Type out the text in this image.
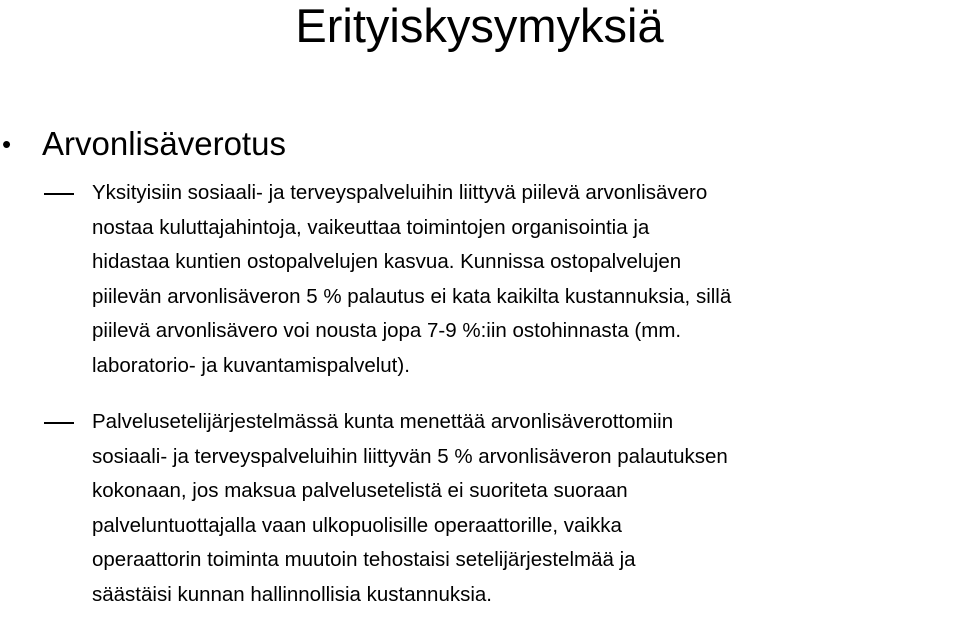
Erityiskysymyksiä
• Arvonlisäverotus
Yksityisiin sosiaali- ja terveyspalveluihin liittyvä piilevä arvonlisävero
nostaa kuluttajahintoja, vaikeuttaa toimintojen organisointia ja
hidastaa kuntien ostopalvelujen kasvua. Kunnissa ostopalvelujen
piilevän arvonlisäveron 5 % palautus ei kata kaikilta kustannuksia, sillä
piilevä arvonlisävero voi nousta jopa 7-9 %:iin ostohinnasta (mm.
laboratorio- ja kuvantamispalvelut).
Palvelusetelijärjestelmässä kunta menettää arvonlisäverottomiin
sosiaali- ja terveyspalveluihin liittyvän 5 % arvonlisäveron palautuksen
kokonaan, jos maksua palvelusetelistä ei suoriteta suoraan
palveluntuottajalla vaan ulkopuolisille operaattorille, vaikka
operaattorin toiminta muutoin tehostaisi setelijärjestelmää ja
säästäisi kunnan hallinnollisia kustannuksia.
